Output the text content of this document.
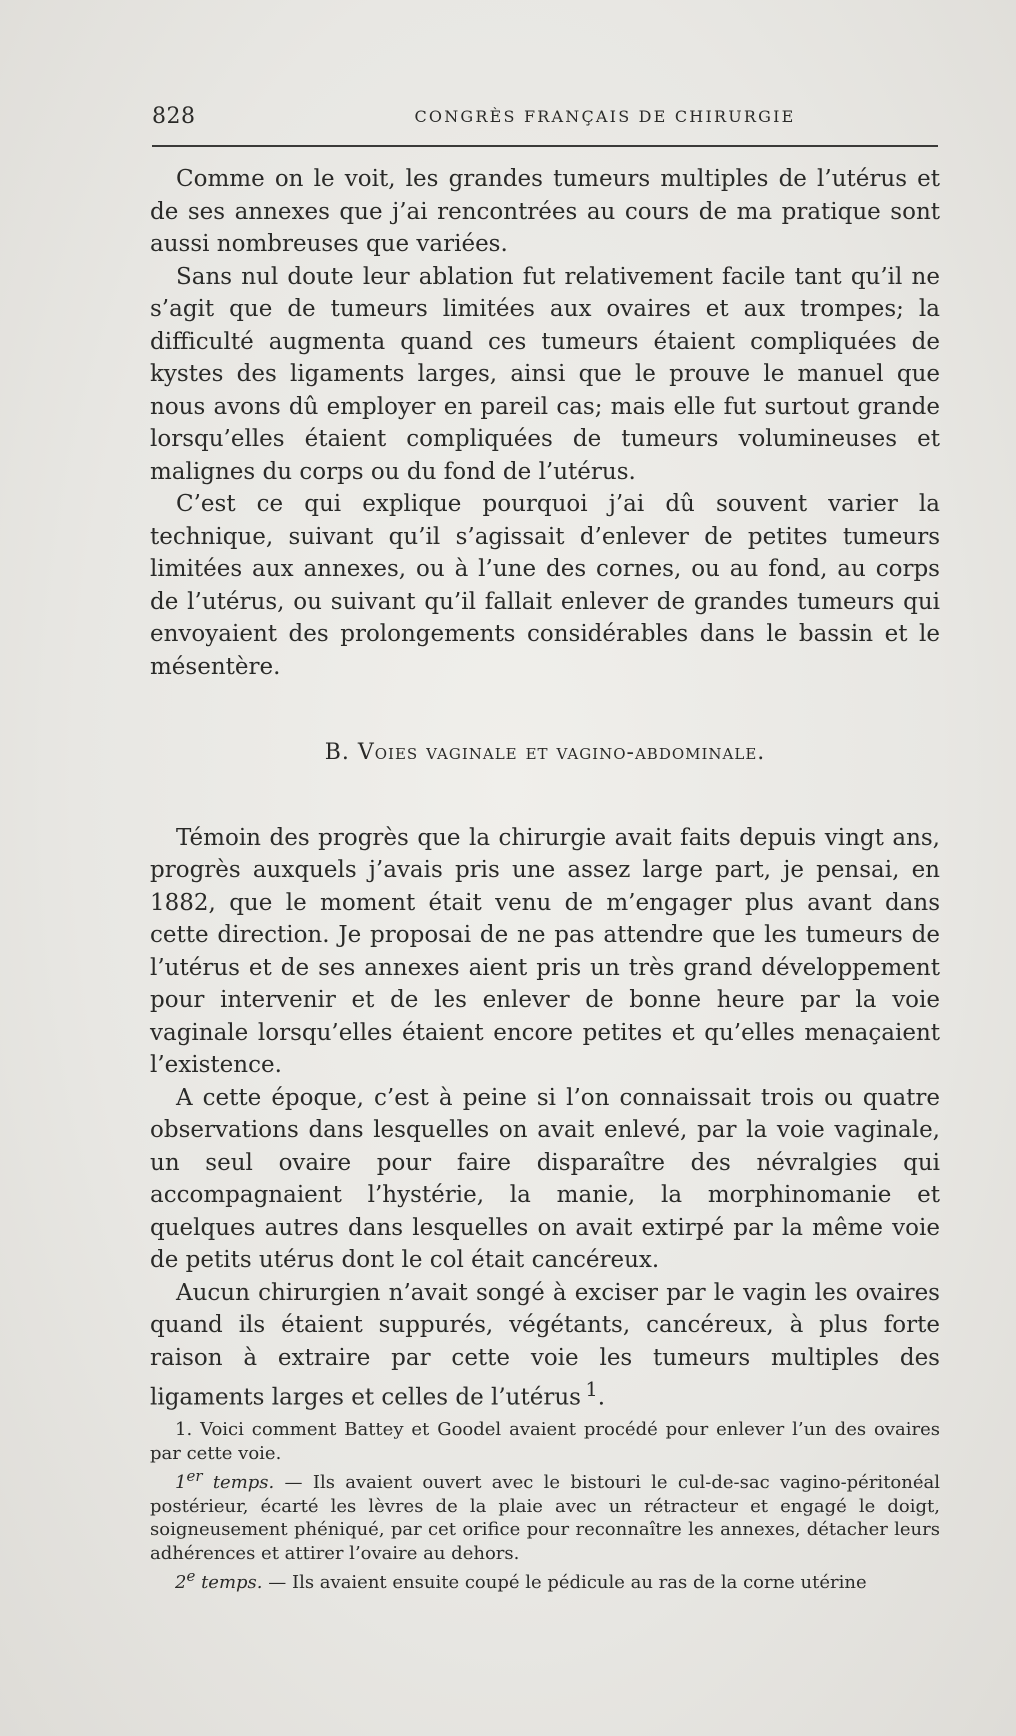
828	CONGRÈS FRANÇAIS DE CHIRURGIE

Comme on le voit, les grandes tumeurs multiples de l’utérus et de ses annexes que j’ai rencontrées au cours de ma pratique sont aussi nombreuses que variées.

Sans nul doute leur ablation fut relativement facile tant qu’il ne s’agit que de tumeurs limitées aux ovaires et aux trompes; la difficulté augmenta quand ces tumeurs étaient compliquées de kystes des ligaments larges, ainsi que le prouve le manuel que nous avons dû employer en pareil cas; mais elle fut surtout grande lorsqu’elles étaient compliquées de tumeurs volumineuses et malignes du corps ou du fond de l’utérus.

C’est ce qui explique pourquoi j’ai dû souvent varier la technique, suivant qu’il s’agissait d’enlever de petites tumeurs limitées aux annexes, ou à l’une des cornes, ou au fond, au corps de l’utérus, ou suivant qu’il fallait enlever de grandes tumeurs qui envoyaient des prolongements considérables dans le bassin et le mésentère.

B. Voies vaginale et vagino-abdominale.

Témoin des progrès que la chirurgie avait faits depuis vingt ans, progrès auxquels j’avais pris une assez large part, je pensai, en 1882, que le moment était venu de m’engager plus avant dans cette direction. Je proposai de ne pas attendre que les tumeurs de l’utérus et de ses annexes aient pris un très grand développement pour intervenir et de les enlever de bonne heure par la voie vaginale lorsqu’elles étaient encore petites et qu’elles menaçaient l’existence.

A cette époque, c’est à peine si l’on connaissait trois ou quatre observations dans lesquelles on avait enlevé, par la voie vaginale, un seul ovaire pour faire disparaître des névralgies qui accompagnaient l’hystérie, la manie, la morphinomanie et quelques autres dans lesquelles on avait extirpé par la même voie de petits utérus dont le col était cancéreux.

Aucun chirurgien n’avait songé à exciser par le vagin les ovaires quand ils étaient suppurés, végétants, cancéreux, à plus forte raison à extraire par cette voie les tumeurs multiples des ligaments larges et celles de l’utérus  $^1$.

1. Voici comment Battey et Goodel avaient procédé pour enlever l’un des ovaires par cette voie.

1er temps. — Ils avaient ouvert avec le bistouri le cul-de-sac vagino-péritonéal postérieur, écarté les lèvres de la plaie avec un rétracteur et engagé le doigt, soigneusement phéniqué, par cet orifice pour reconnaître les annexes, détacher leurs adhérences et attirer l’ovaire au dehors.

2e temps. — Ils avaient ensuite coupé le pédicule au ras de la corne utérine
